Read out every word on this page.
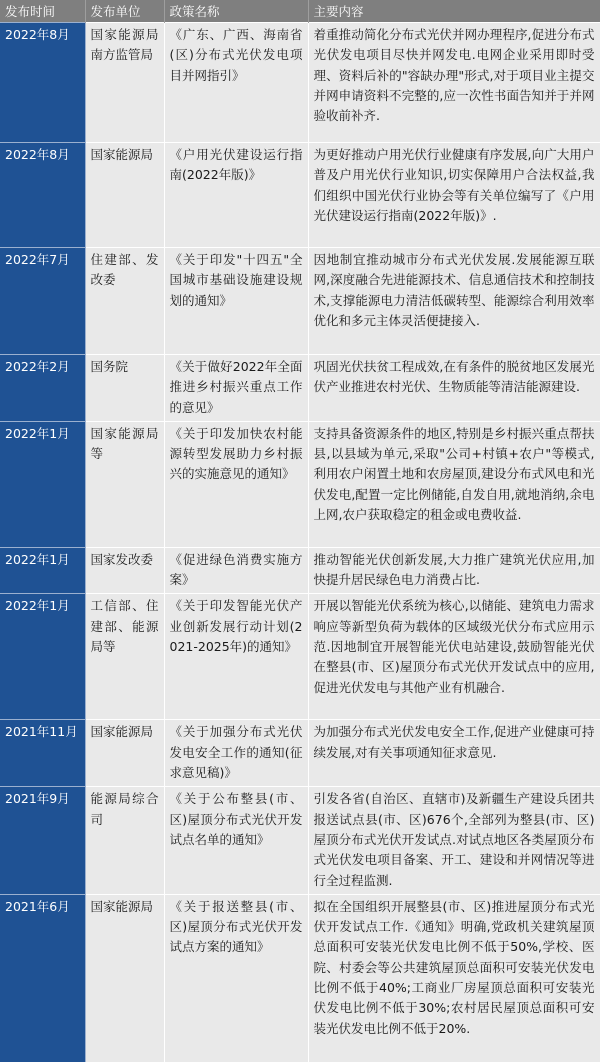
发布时间	发布单位	政策名称	主要内容
2022年8月	国家能源局南方监管局	《广东、广西、海南省(区)分布式光伏发电项目并网指引》	着重推动简化分布式光伏并网办理程序,促进分布式光伏发电项目尽快并网发电.电网企业采用即时受理、资料后补的"容缺办理"形式,对于项目业主提交并网申请资料不完整的,应一次性书面告知并于并网验收前补齐.
2022年8月	国家能源局	《户用光伏建设运行指南(2022年版)》	为更好推动户用光伏行业健康有序发展,向广大用户普及户用光伏行业知识,切实保障用户合法权益,我们组织中国光伏行业协会等有关单位编写了《户用光伏建设运行指南(2022年版)》.
2022年7月	住建部、发改委	《关于印发"十四五"全国城市基础设施建设规划的通知》	因地制宜推动城市分布式光伏发展.发展能源互联网,深度融合先进能源技术、信息通信技术和控制技术,支撑能源电力清洁低碳转型、能源综合利用效率优化和多元主体灵活便捷接入.
2022年2月	国务院	《关于做好2022年全面推进乡村振兴重点工作的意见》	巩固光伏扶贫工程成效,在有条件的脱贫地区发展光伏产业推进农村光伏、生物质能等清洁能源建设.
2022年1月	国家能源局等	《关于印发加快农村能源转型发展助力乡村振兴的实施意见的通知》	支持具备资源条件的地区,特别是乡村振兴重点帮扶县,以县域为单元,采取"公司+村镇+农户"等模式,利用农户闲置土地和农房屋顶,建设分布式风电和光伏发电,配置一定比例储能,自发自用,就地消纳,余电上网,农户获取稳定的租金或电费收益.
2022年1月	国家发改委	《促进绿色消费实施方案》	推动智能光伏创新发展,大力推广建筑光伏应用,加快提升居民绿色电力消费占比.
2022年1月	工信部、住建部、能源局等	《关于印发智能光伏产业创新发展行动计划(2021-2025年)的通知》	开展以智能光伏系统为核心,以储能、建筑电力需求响应等新型负荷为载体的区域级光伏分布式应用示范.因地制宜开展智能光伏电站建设,鼓励智能光伏在整县(市、区)屋顶分布式光伏开发试点中的应用,促进光伏发电与其他产业有机融合.
2021年11月	国家能源局	《关于加强分布式光伏发电安全工作的通知(征求意见稿)》	为加强分布式光伏发电安全工作,促进产业健康可持续发展,对有关事项通知征求意见.
2021年9月	能源局综合司	《关于公布整县(市、区)屋顶分布式光伏开发试点名单的通知》	引发各省(自治区、直辖市)及新疆生产建设兵团共报送试点县(市、区)676个,全部列为整县(市、区)屋顶分布式光伏开发试点.对试点地区各类屋顶分布式光伏发电项目备案、开工、建设和并网情况等进行全过程监测.
2021年6月	国家能源局	《关于报送整县(市、区)屋顶分布式光伏开发试点方案的通知》	拟在全国组织开展整县(市、区)推进屋顶分布式光伏开发试点工作.《通知》明确,党政机关建筑屋顶总面积可安装光伏发电比例不低于50%,学校、医院、村委会等公共建筑屋顶总面积可安装光伏发电比例不低于40%;工商业厂房屋顶总面积可安装光伏发电比例不低于30%;农村居民屋顶总面积可安装光伏发电比例不低于20%.
